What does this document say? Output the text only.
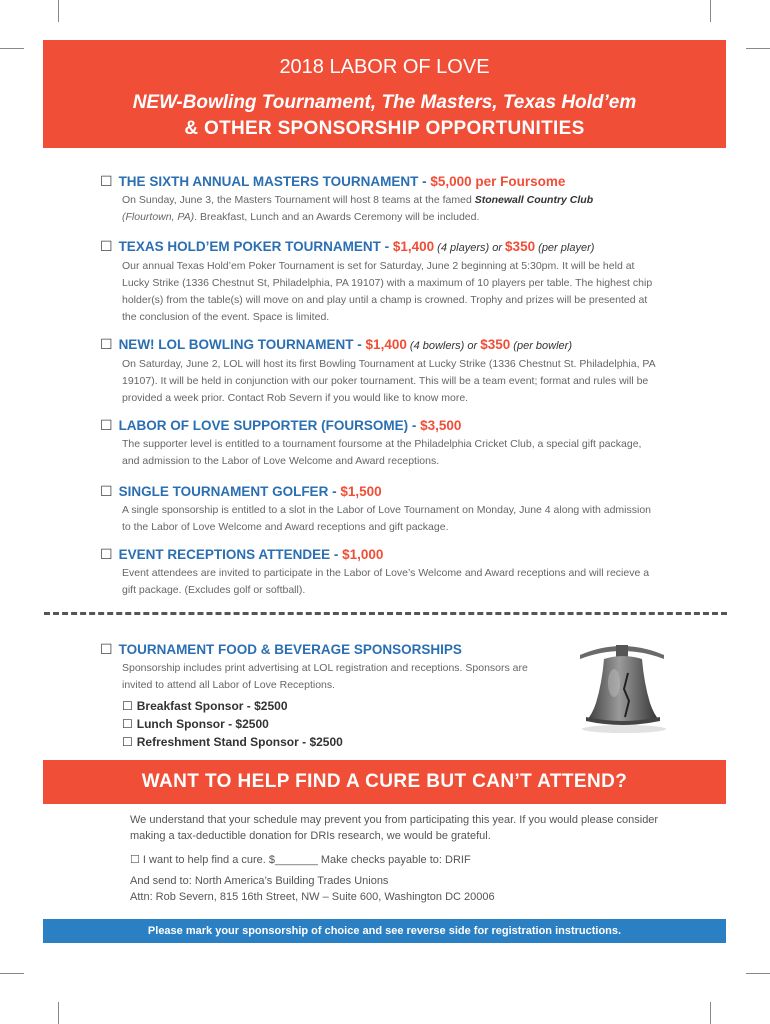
2018 LABOR OF LOVE
NEW-Bowling Tournament, The Masters, Texas Hold’em
& OTHER SPONSORSHIP OPPORTUNITIES
☐ THE SIXTH ANNUAL MASTERS TOURNAMENT - $5,000 per Foursome
On Sunday, June 3, the Masters Tournament will host 8 teams at the famed Stonewall Country Club
(Flourtown, PA). Breakfast, Lunch and an Awards Ceremony will be included.
☐ TEXAS HOLD’EM POKER TOURNAMENT - $1,400 (4 players) or $350 (per player)
Our annual Texas Hold’em Poker Tournament is set for Saturday, June 2 beginning at 5:30pm. It will be held at Lucky Strike (1336 Chestnut St, Philadelphia, PA 19107) with a maximum of 10 players per table. The highest chip holder(s) from the table(s) will move on and play until a champ is crowned. Trophy and prizes will be presented at the conclusion of the event. Space is limited.
☐ NEW! LOL BOWLING TOURNAMENT - $1,400 (4 bowlers) or $350 (per bowler)
On Saturday, June 2, LOL will host its first Bowling Tournament at Lucky Strike (1336 Chestnut St. Philadelphia, PA 19107). It will be held in conjunction with our poker tournament. This will be a team event; format and rules will be provided a week prior. Contact Rob Severn if you would like to know more.
☐ LABOR OF LOVE SUPPORTER (FOURSOME) - $3,500
The supporter level is entitled to a tournament foursome at the Philadelphia Cricket Club, a special gift package, and admission to the Labor of Love Welcome and Award receptions.
☐ SINGLE TOURNAMENT GOLFER - $1,500
A single sponsorship is entitled to a slot in the Labor of Love Tournament on Monday, June 4 along with admission to the Labor of Love Welcome and Award receptions and gift package.
☐ EVENT RECEPTIONS ATTENDEE - $1,000
Event attendees are invited to participate in the Labor of Love’s Welcome and Award receptions and will recieve a gift package. (Excludes golf or softball).
☐ TOURNAMENT FOOD & BEVERAGE SPONSORSHIPS
Sponsorship includes print advertising at LOL registration and receptions. Sponsors are invited to attend all Labor of Love Receptions.
☐ Breakfast Sponsor - $2500
☐ Lunch Sponsor - $2500
☐ Refreshment Stand Sponsor - $2500
WANT TO HELP FIND A CURE BUT CAN’T ATTEND?
We understand that your schedule may prevent you from participating this year. If you would please consider making a tax-deductible donation for DRIs research, we would be grateful.
☐ I want to help find a cure. $_______ Make checks payable to: DRIF
And send to: North America’s Building Trades Unions
Attn: Rob Severn, 815 16th Street, NW – Suite 600, Washington DC 20006
Please mark your sponsorship of choice and see reverse side for registration instructions.
